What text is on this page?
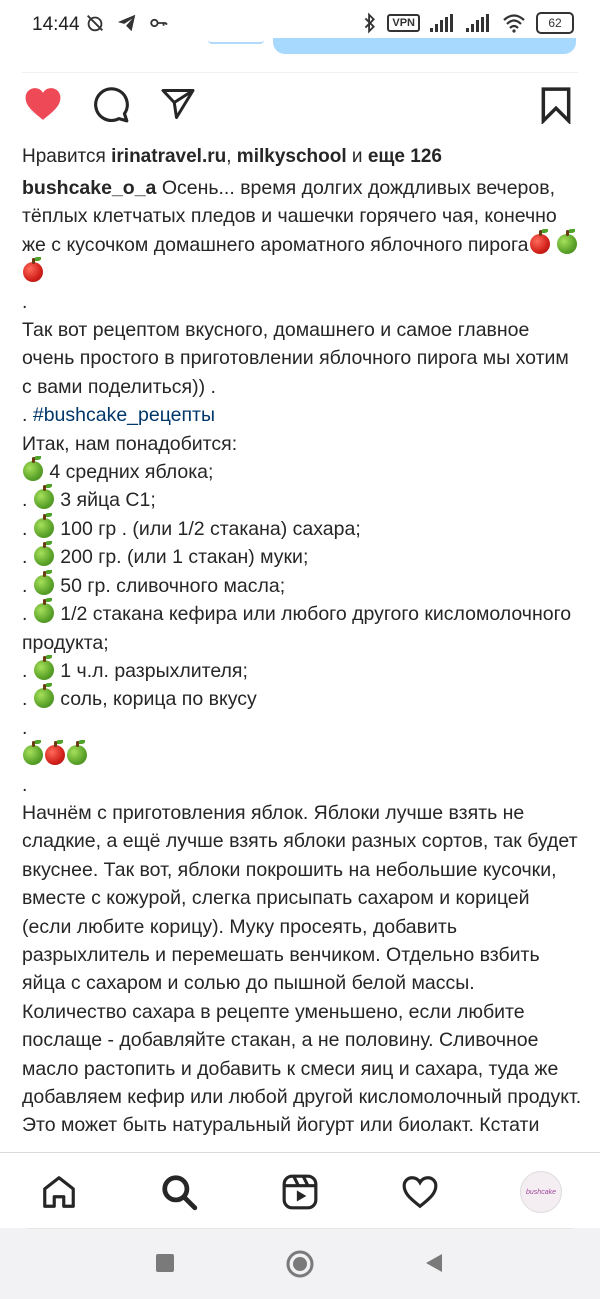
14:44	VPN	62
Нравится irinatravel.ru, milkyschool и еще 126

bushcake_o_a Осень... время долгих дождливых вечеров, тёплых клетчатых пледов и чашечки горячего чая, конечно же с кусочком домашнего ароматного яблочного пирога

.

Так вот рецептом вкусного, домашнего и самое главное очень простого в приготовлении яблочного пирога мы хотим с вами поделиться)) .

. #bushcake_рецепты

Итак, нам понадобится:

4 средних яблока;

. 3 яйца С1;

. 100 гр . (или 1/2 стакана) сахара;

. 200 гр. (или 1 стакан) муки;

. 50 гр. сливочного масла;

. 1/2 стакана кефира или любого другого кисломолочного продукта;

. 1 ч.л. разрыхлителя;

. соль, корица по вкусу

.

.

Начнём с приготовления яблок. Яблоки лучше взять не сладкие, а ещё лучше взять яблоки разных сортов, так будет вкуснее. Так вот, яблоки покрошить на небольшие кусочки, вместе с кожурой, слегка присыпать сахаром и корицей (если любите корицу). Муку просеять, добавить разрыхлитель и перемешать венчиком. Отдельно взбить яйца с сахаром и солью до пышной белой массы. Количество сахара в рецепте уменьшено, если любите послаще - добавляйте стакан, а не половину. Сливочное масло растопить и добавить к смеси яиц и сахара, туда же добавляем кефир или любой другой кисломолочный продукт. Это может быть натуральный йогурт или биолакт. Кстати

bushcake
